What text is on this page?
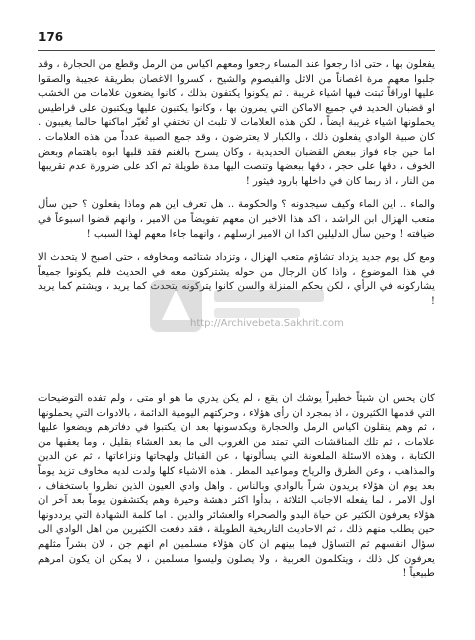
176

يفعلون بها ، حتى اذا رجعوا عند المساء رجعوا ومعهم اكياس من الرمل وقطع من الحجارة ، وقد جلبوا معهم مرة اغصاناً من الاثل والفيصوم والشيح ، كسروا الاغصان بطريقة عجيبة والصقوا عليها اوراقاً ثبتت فيها اشياء غريبة . ثم يكونوا يكتفون بذلك ، كانوا يضعون علامات من الخشب او قضبان الحديد في جميع الاماكن التي يمرون بها ، وكانوا يكتبون عليها ويكتبون على قراطيس يحملونها اشياء غريبة ايضاً ، لكن هذه العلامات لا تلبث ان تختفي او تُغيّر اماكنها حالما يغيبون . كان صبية الوادي يفعلون ذلك ، والكبار لا يعترضون ، وقد جمع الصبية عدداً من هذه العلامات . اما حين جاء فواز ببعض القضبان الحديدية ، وكان يسرح بالغنم فقد قلبها ابوه باهتمام وبعض الخوف ، دقها على حجر ، دقها ببعضها وتنصت اليها مدة طويلة ثم اكد على ضرورة عدم تقريبها من النار ، اذ ربما كان في داخلها بارود فيثور !

والماء .. اين الماء وكيف سيجدونه ؟ والحكومة .. هل تعرف اين هم وماذا يفعلون ؟ حين سأل متعب الهزال ابن الراشد ، اكد هذا الاخير ان معهم تفويضاً من الامير ، وانهم قضوا اسبوعاً في ضيافته ! وحين سأل الدليلين اكدا ان الامير ارسلهم ، وانهما جاءا معهم لهذا السبب !

ومع كل يوم جديد يزداد تشاؤم متعب الهزال ، وتزداد شتائمه ومخاوفه ، حتى اصبح لا يتحدث الا في هذا الموضوع ، واذا كان الرجال من حوله يشتركون معه في الحديث فلم يكونوا جميعاً يشاركونه في الرأي ، لكن بحكم المنزلة والسن كانوا يتركونه يتحدث كما يريد ، ويشتم كما يريد !

كان يحس ان شيئاً خطيراً يوشك ان يقع ، لم يكن يدري ما هو او متى ، ولم تفده التوضيحات التي قدمها الكثيرون ، اذ بمجرد ان رأى هؤلاء ، وحركتهم اليومية الدائمة ، بالادوات التي يحملونها ، ثم وهم ينقلون اكياس الرمل والحجارة ويكدسونها بعد ان يكتبوا في دفاترهم ويضعوا عليها علامات ، ثم تلك المناقشات التي تمتد من الغروب الى ما بعد العشاء بقليل ، وما يعقبها من الكتابة ، وهذه الاسئلة الملعونة التي يسألونها ، عن القبائل ولهجاتها ونزاعاتها ، ثم عن الدين والمذاهب ، وعن الطرق والرياح ومواعيد المطر . هذه الاشياء كلها ولدت لديه مخاوف تزيد يوماً بعد يوم ان هؤلاء يريدون شراً بالوادي وبالناس . واهل وادي العيون الذين نظروا باستخفاف ، اول الامر ، لما يفعله الاجانب الثلاثة ، بدأوا اكثر دهشة وحيرة وهم يكتشفون يوماً بعد آخر ان هؤلاء يعرفون الكثير عن حياة البدو والصحراء والعشائر والدين . اما كلمة الشهادة التي يرددونها حين يطلب منهم ذلك ، ثم الاحاديث التاريخية الطويلة ، فقد دفعت الكثيرين من اهل الوادي الى سؤال انفسهم ثم التساؤل فيما بينهم ان كان هؤلاء مسلمين ام انهم جن ، لان بشراً مثلهم يعرفون كل ذلك ، ويتكلمون العربية ، ولا يصلون وليسوا مسلمين ، لا يمكن ان يكون امرهم طبيعياً !

http://Archivebeta.Sakhrit.com
